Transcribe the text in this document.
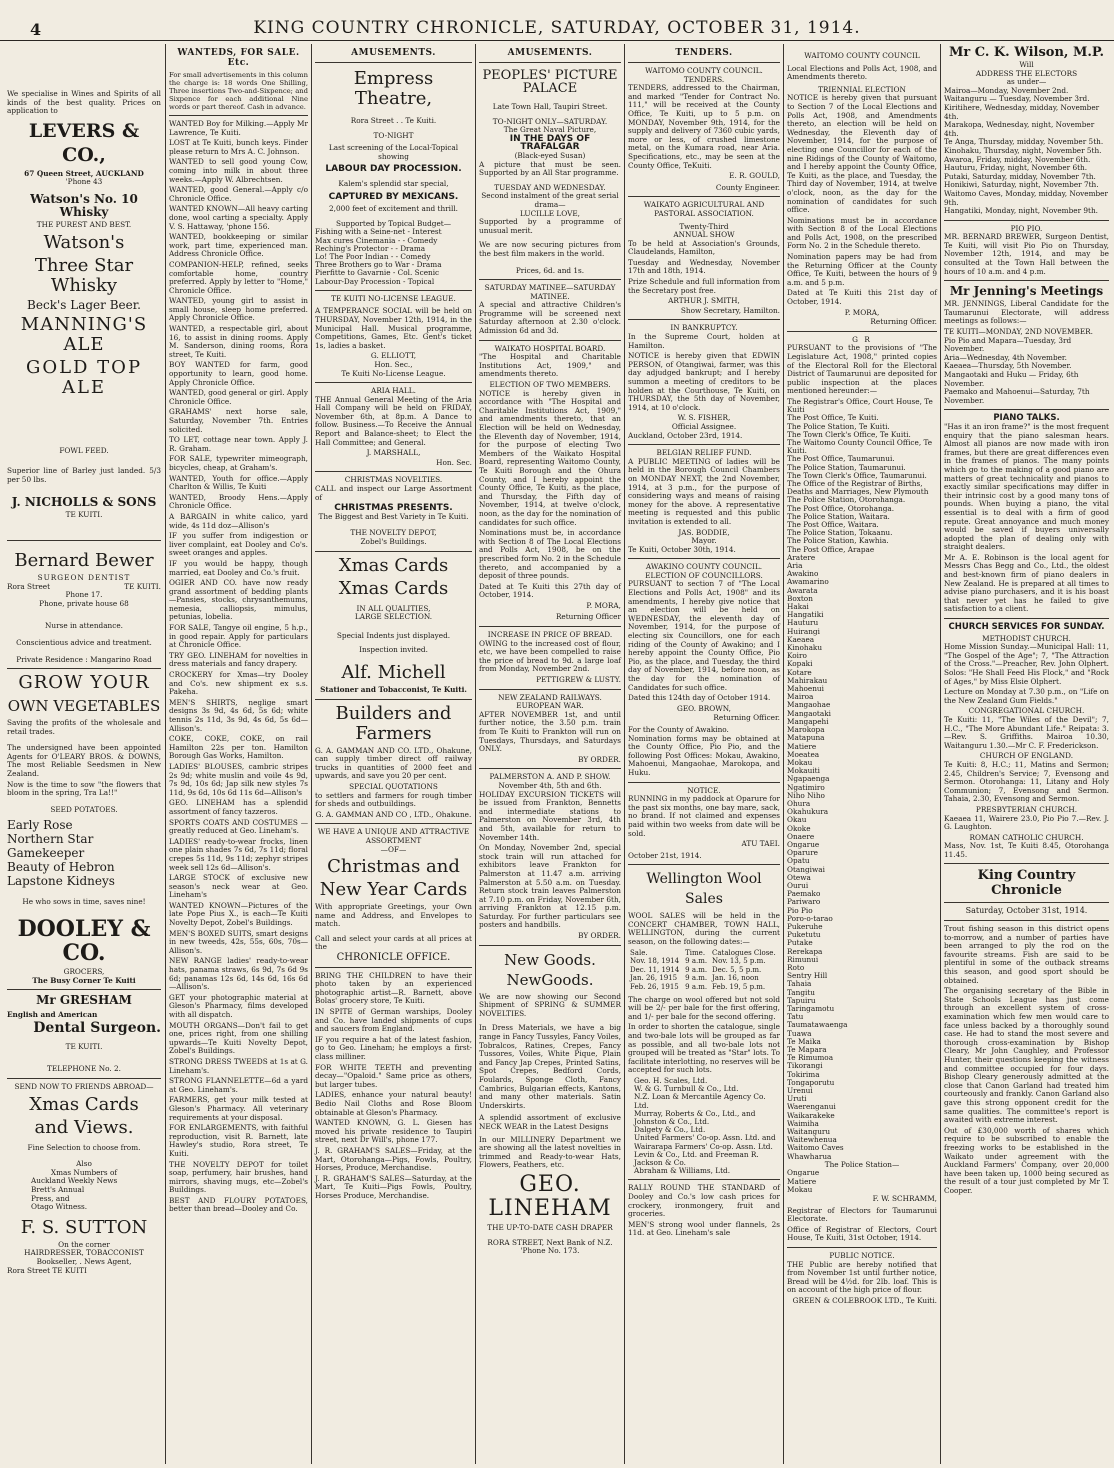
4	KING COUNTRY CHRONICLE, SATURDAY, OCTOBER 31, 1914.

We specialise in Wines and Spirits of all kinds of the best quality. Prices on application to

LEVERS & CO.,
67 Queen Street, AUCKLAND
'Phone 43
Watson's No. 10 Whisky
THE PUREST AND BEST.
Watson's
Three Star Whisky
Beck's Lager Beer.
MANNING'S ALE
GOLD TOP ALE
FOWL FEED.

Superior line of Barley just landed. 5/3 per 50 lbs.

J. NICHOLLS & SONS
TE KUITI.
Bernard Bewer
SURGEON DENTIST
Rora Street	TE KUITI.
Phone 17.
Phone, private house 68
Nurse in attendance.
Conscientious advice and treatment.
Private Residence : Mangarino Road
GROW YOUR
OWN VEGETABLES

Saving the profits of the wholesale and retail trades.

The undersigned have been appointed Agents for O'LEARY BROS. & DOWNS, The most Reliable Seedsmen in New Zealand.

Now is the time to sow "the flowers that bloom in the spring, Tra La!!"

SEED POTATOES.
Early Rose
Northern Star
Gamekeeper
Beauty of Hebron
Lapstone Kidneys
He who sows in time, saves nine!
DOOLEY & CO.
GROCERS,
The Busy Corner Te Kuiti
Mr GRESHAM
English and American
Dental Surgeon.
TE KUITI.
TELEPHONE No. 2.
SEND NOW TO FRIENDS ABROAD—
Xmas Cards
and Views.
Fine Selection to choose from.
Also
Xmas Numbers of
Auckland Weekly News
Brett's Annual
Press, and
Otago Witness.
F. S. SUTTON
On the corner
HAIRDRESSER, TOBACCONIST
Bookseller, . News Agent,
Rora Street TE KUITI
WANTEDS, FOR SALE. Etc.

For small advertisements in this column the charge is: 18 words One Shilling, Three insertions Two-and-Sixpence; and Sixpence for each additional Nine words or part thereof. Cash in advance.

WANTED Boy for Milking.—Apply Mr Lawrence, Te Kuiti.

LOST at Te Kuiti, bunch keys. Finder please return to Mrs A. C. Johnson.

WANTED to sell good young Cow, coming into milk in about three weeks.—Apply W. Albrechtsen.

WANTED, good General.—Apply c/o Chronicle Office.

WANTED KNOWN—All heavy carting done, wool carting a specialty. Apply V. S. Hattaway, 'phone 156.

WANTED, bookkeeping or similar work, part time, experienced man. Address Chronicle Office.

COMPANION-HELP, refined, seeks comfortable home, country preferred. Apply by letter to "Home," Chronicle Office.

WANTED, young girl to assist in small house, sleep home preferred. Apply Chronicle Office.

WANTED, a respectable girl, about 16, to assist in dining rooms. Apply M. Sanderson, dining rooms, Rora street, Te Kuiti.

BOY WANTED for farm, good opportunity to learn, good home. Apply Chronicle Office.

WANTED, good general or girl. Apply Chronicle Office.

GRAHAMS' next horse sale, Saturday, November 7th. Entries solicited.

TO LET, cottage near town. Apply J. R. Graham.

FOR SALE, typewriter mimeograph, bicycles, cheap, at Graham's.

WANTED, Youth for office.—Apply Charlton & Willis, Te Kuiti

WANTED, Broody Hens.—Apply Chronicle Office.

A BARGAIN in white calico, yard wide, 4s 11d doz—Allison's

IF you suffer from indigestion or liver complaint, eat Dooley and Co's. sweet oranges and apples.

IF you would be happy, though married, eat Dooley and Co.'s fruit.

OGIER AND CO. have now ready grand assortment of bedding plants —Pansies, stocks, chrysanthemums, nemesia, calliopsis, mimulus, petunias, lobelia.

FOR SALE, Tangye oil engine, 5 h.p., in good repair. Apply for particulars at Chronicle Office.

TRY GEO. LINEHAM for novelties in dress materials and fancy drapery.

CROCKERY for Xmas—try Dooley and Co's. new shipment ex s.s. Pakeha.

MEN'S SHIRTS, neglige smart designs 3s 9d, 4s 6d, 5s 6d; white tennis 2s 11d, 3s 9d, 4s 6d, 5s 6d—Allison's.

COKE, COKE, COKE, on rail Hamilton 22s per ton. Hamilton Borough Gas Works, Hamilton.

LADIES' BLOUSES, cambric stripes 2s 9d; white muslin and voile 4s 9d, 7s 9d, 10s 6d; Jap silk new styles 7s 11d, 9s 6d, 10s 6d 11s 6d—Allison's

GEO. LINEHAM has a splendid assortment of fancy tazzeros.

SPORTS COATS AND COSTUMES —greatly reduced at Geo. Lineham's.

LADIES' ready-to-wear frocks, linen one plain shades 7s 6d, 7s 11d; floral crepes 5s 11d, 9s 11d; zephyr stripes week sell 12s 6d—Allison's.

LARGE STOCK of exclusive new season's neck wear at Geo. Lineham's

WANTED KNOWN—Pictures of the late Pope Pius X., is each—Te Kuiti Novelty Depot, Zobel's Buildings.

MEN'S BOXED SUITS, smart designs in new tweeds, 42s, 55s, 60s, 70s—Allison's.

NEW RANGE ladies' ready-to-wear hats, panama straws, 6s 9d, 7s 6d 9s 6d; panamas 12s 6d, 14s 6d, 16s 6d—Allison's.

GET your photographic material at Gleson's Pharmacy, films developed with all dispatch.

MOUTH ORGANS—Don't fail to get one, prices right, from one shilling upwards—Te Kuiti Novelty Depot, Zobel's Buildings.

STRONG DRESS TWEEDS at 1s at G. Lineham's.

STRONG FLANNELETTE—6d a yard at Geo. Lineham's.

FARMERS, get your milk tested at Gleson's Pharmacy. All veterinary requirements at your disposal.

FOR ENLARGEMENTS, with faithful reproduction, visit R. Barnett, late Hawley's studio, Rora street, Te Kuiti.

THE NOVELTY DEPOT for toilet soap, perfumery, hair brushes, hand mirrors, shaving mugs, etc—Zobel's Buildings.

BEST AND FLOURY POTATOES, better than bread—Dooley and Co.

AMUSEMENTS.
Empress Theatre,
Rora Street . . Te Kuiti.
TO-NIGHT
Last screening of the Local-Topical showing
LABOUR DAY PROCESSION.
Kalem's splendid star special,
CAPTURED BY MEXICANS.
2,000 feet of excitement and thrill.
Supported by Topical Budget—
Fishing with a Seine-net - Interest
Max cures Cinemania - - Comedy
Reching's Protector - - Drama
Lo! The Poor Indian - - Comedy
Three Brothers go to War - Drama
Pierfitte to Gavarnie - Col. Scenic
Labour-Day Procession - Topical
TE KUITI NO-LICENSE LEAGUE.

A TEMPERANCE SOCIAL will be held on THURSDAY, November 12th, 1914, in the Municipal Hall. Musical programme, Competitions, Games, Etc. Gent's ticket 1s, ladies a basket.

G. ELLIOTT,
Hon. Sec.,
Te Kuiti No-License League.
ARIA HALL.

THE Annual General Meeting of the Aria Hall Company will be held on FRIDAY, November 6th, at 8p.m. A Dance to follow. Business.—To Receive the Annual Report and Balance-sheet; to Elect the Hall Committee; and General.

J. MARSHALL,
Hon. Sec.
CHRISTMAS NOVELTIES.

CALL and inspect our Large Assortment of

CHRISTMAS PRESENTS.
The Biggest and Best Variety in Te Kuiti.
THE NOVELTY DEPOT,
Zobel's Buildings.
Xmas Cards
Xmas Cards
IN ALL QUALITIES,
LARGE SELECTION.
Special Indents just displayed.
Inspection invited.
Alf. Michell
Stationer and Tobacconist, Te Kuiti.
Builders and Farmers

G. A. GAMMAN AND CO. LTD., Ohakune, can supply timber direct off railway trucks in quantities of 2000 feet and upwards, and save you 20 per cent.

SPECIAL QUOTATIONS

to settlers and farmers for rough timber for sheds and outbuildings.

G. A. GAMMAN AND CO , LTD., Ohakune.
WE HAVE A UNIQUE AND ATTRACTIVE ASSORTMENT
—OF—
Christmas and
New Year Cards

With appropriate Greetings, your Own name and Address, and Envelopes to match.

Call and select your cards at all prices at the

CHRONICLE OFFICE.

BRING THE CHILDREN to have their photo taken by an experienced photographic artist—R. Barnett, above Bolas' grocery store, Te Kuiti.

IN SPITE of German warships, Dooley and Co. have landed shipments of cups and saucers from England.

IF you require a hat of the latest fashion, go to Geo. Lineham; he employs a first-class milliner.

FOR WHITE TEETH and preventing decay—"Opaloid." Same price as others, but larger tubes.

LADIES, enhance your natural beauty! Bedio Nail Cloths and Rose Bloom obtainable at Gleson's Pharmacy.

WANTED KNOWN, G. L. Giesen has moved his private residence to Taupiri street, next Dr Will's, phone 177.

J. R. GRAHAM'S SALES—Friday, at the Mart, Otorohanga—Pigs, Fowls, Poultry, Horses, Produce, Merchandise.

J. R. GRAHAM'S SALES—Saturday, at the Mart, Te Kuiti—Pigs Fowls, Poultry, Horses Produce, Merchandise.

AMUSEMENTS.
PEOPLES' PICTURE PALACE
Late Town Hall, Taupiri Street.
TO-NIGHT ONLY—SATURDAY.
The Great Naval Picture,
IN THE DAYS OF TRAFALGAR
(Black-eyed Susan)

A picture that must be seen. Supported by an All Star programme.

TUESDAY AND WEDNESDAY.
Second instalment of the great serial drama—
LUCILLE LOVE,

Supported by a programme of unusual merit.

We are now securing pictures from the best film makers in the world.

Prices, 6d. and 1s.
SATURDAY MATINEE—SATURDAY MATINEE.

A special and attractive Children's Programme will be screened next Saturday afternoon at 2.30 o'clock. Admission 6d and 3d.

WAIKATO HOSPITAL BOARD.

"The Hospital and Charitable Institutions Act, 1909," and amendments thereto.

ELECTION OF TWO MEMBERS.

NOTICE is hereby given in accordance with "The Hospital and Charitable Institutions Act, 1909," and amendments thereto, that an Election will be held on Wednesday, the Eleventh day of November, 1914, for the purpose of electing Two Members of the Waikato Hospital Board, representing Waitomo County, Te Kuiti Borough and the Ohura County, and I hereby appoint the County Office, Te Kuiti, as the place, and Thursday, the Fifth day of November, 1914, at twelve o'clock, noon, as the day for the nomination of candidates for such office.

Nominations must be, in accordance with Section 8 of The Local Elections and Polls Act, 1908, be on the prescribed form No. 2 in the Schedule thereto, and accompanied by a deposit of three pounds.

Dated at Te Kuiti this 27th day of October, 1914.

P. MORA,
Returning Officer
INCREASE IN PRICE OF BREAD.

OWING to the increased cost of flour, etc, we have been compelled to raise the price of bread to 9d. a large loaf from Monday, November 2nd.

PETTIGREW & LUSTY.
NEW ZEALAND RAILWAYS.
EUROPEAN WAR.

AFTER NOVEMBER 1st, and until further notice, the 3.50 p.m. train from Te Kuiti to Frankton will run on Tuesdays, Thursdays, and Saturdays ONLY.

BY ORDER.
PALMERSTON A. AND P. SHOW.
November 4th, 5th and 6th.

HOLIDAY EXCURSION TICKETS will be issued from Frankton, Bennetts and intermediate stations to Palmerston on November 3rd, 4th and 5th, available for return to November 14th.

On Monday, November 2nd, special stock train will run attached for exhibitors leave Frankton for Palmerston at 11.47 a.m. arriving Palmerston at 5.50 a.m. on Tuesday. Return stock train leaves Palmerston at 7.10 p.m. on Friday, November 6th, arriving Frankton at 12.15 p.m. Saturday. For further particulars see posters and handbills.

BY ORDER.
New Goods. NewGoods.

We are now showing our Second Shipment of SPRING & SUMMER NOVELTIES.

In Dress Materials, we have a big range in Fancy Tussyles, Fancy Voiles, Tobralcos, Ratines, Crepes, Fancy Tussores, Voiles, White Pique, Plain and Fancy Jap Crepes, Printed Satins, Spot Crepes, Bedford Cords, Foulards, Sponge Cloth, Fancy Cambrics, Bulgarian effects, Kantons, and many other materials. Satin Underskirts.

A splendid assortment of exclusive NECK WEAR in the Latest Designs

In our MILLINERY Department we are showing all the latest novelties in trimmed and Ready-to-wear Hats, Flowers, Feathers, etc.

GEO. LINEHAM
THE UP-TO-DATE CASH DRAPER
RORA STREET, Next Bank of N.Z.
'Phone No. 173.
TENDERS.
WAITOMO COUNTY COUNCIL.
TENDERS.

TENDERS, addressed to the Chairman, and marked "Tender for Contract No. 111," will be received at the County Office, Te Kuiti, up to 5 p.m. on MONDAY, November 9th, 1914, for the supply and delivery of 7360 cubic yards, more or less, of crushed limestone metal, on the Kumara road, near Aria. Specifications, etc., may be seen at the County Office, TeKuiti.

E. R. GOULD,
County Engineer.
WAIKATO AGRICULTURAL AND PASTORAL ASSOCIATION.
Twenty-Third
ANNUAL SHOW

To be held at Association's Grounds, Claudelands, Hamilton,

Tuesday and Wednesday, November 17th and 18th, 1914.

Prize Schedule and full information from the Secretary post free.

ARTHUR J. SMITH,
Show Secretary, Hamilton.
IN BANKRUPTCY.

In the Supreme Court, holden at Hamilton.

NOTICE is hereby given that EDWIN PERSON, of Otangiwai, farmer, was this day adjudged bankrupt; and I hereby summon a meeting of creditors to be holden at the Courthouse, Te Kuiti, on THURSDAY, the 5th day of November, 1914, at 10 o'clock.

W. S. FISHER,
Official Assignee.
Auckland, October 23rd, 1914.
BELGIAN RELIEF FUND.

A PUBLIC MEETING of ladies will be held in the Borough Council Chambers on MONDAY NEXT, the 2nd November, 1914, at 3 p.m., for the purpose of considering ways and means of raising money for the above. A representative meeting is requested and this public invitation is extended to all.

JAS. BODDIE,
Mayor.
Te Kuiti, October 30th, 1914.
AWAKINO COUNTY COUNCIL.
ELECTION OF COUNCILLORS.

PURSUANT to section 7 of "The Local Elections and Polls Act, 1908" and its amendments, I hereby give notice that an election will be held on WEDNESDAY, the eleventh day of November, 1914, for the purpose of electing six Councillors, one for each riding of the County of Awakino; and I hereby appoint the County Office, Pio Pio, as the place, and Tuesday, the third day of November, 1914, before noon, as the day for the nomination of Candidates for such office.

Dated this 124th day of October 1914.

GEO. BROWN,
Returning Officer.
For the County of Awakino.

Nomination forms may be obtained at the County Office, Pio Pio, and the following Post Offices: Mokau, Awakino, Mahoenui, Mangaohae, Marokopa, and Huku.

NOTICE.

RUNNING in my paddock at Oparure for the past six months, one bay mare, sack, no brand. If not claimed and expenses paid within two weeks from date will be sold.

ATU TAEI.
October 21st, 1914.
Wellington Wool Sales

WOOL SALES will be held in the CONCERT CHAMBER, TOWN HALL, WELLINGTON, during the current season, on the following dates:—

Sale.	Time.	Catalogues Close.
Nov. 18, 1914	9 a.m.	Nov. 13, 5 p.m.
Dec. 11, 1914	9 a.m.	Dec. 5, 5 p.m.
Jan. 26, 1915	9 a.m.	Jan. 16, noon
Feb. 26, 1915	9 a.m.	Feb. 19, 5 p.m.

The charge on wool offered but not sold will be 2/- per bale for the first offering, and 1/- per bale for the second offering.

In order to shorten the catalogue, single and two-bale lots will be grouped as far as possible, and all two-bale lots not grouped will be treated as "Star" lots. To facilitate interlotting, no reserves will be accepted for such lots.

Geo. H. Scales, Ltd.
W. & G. Turnbull & Co., Ltd.
N.Z. Loan & Mercantile Agency Co. Ltd.
Murray, Roberts & Co., Ltd., and Johnston & Co., Ltd.
Dalgety & Co., Ltd.
United Farmers' Co-op. Assn. Ltd. and Wairarapa Farmers' Co-op. Assn. Ltd.
Levin & Co., Ltd. and Freeman R. Jackson & Co.
Abraham & Williams, Ltd.

RALLY ROUND THE STANDARD of Dooley and Co.'s low cash prices for crockery, ironmongery, fruit and groceries.

MEN'S strong wool under flannels, 2s 11d. at Geo. Lineham's sale

WAITOMO COUNTY COUNCIL

Local Elections and Polls Act, 1908, and Amendments thereto.

TRIENNIAL ELECTION

NOTICE is hereby given that pursuant to Section 7 of the Local Elections and Polls Act, 1908, and Amendments thereto, an election will be held on Wednesday, the Eleventh day of November, 1914, for the purpose of electing one Councillor for each of the nine Ridings of the County of Waitomo, and I hereby appoint the County Office, Te Kuiti, as the place, and Tuesday, the Third day of November, 1914, at twelve o'clock, noon, as the day for the nomination of candidates for such office.

Nominations must be in accordance with Section 8 of the Local Elections and Polls Act, 1908, on the prescribed Form No. 2 in the Schedule thereto.

Nomination papers may be had from the Returning Officer at the County Office, Te Kuiti, between the hours of 9 a.m. and 5 p.m.

Dated at Te Kuiti this 21st day of October, 1914.

P. MORA,
Returning Officer.
G R

PURSUANT to the provisions of "The Legislature Act, 1908," printed copies of the Electoral Roll for the Electoral District of Taumarunui are deposited for public inspection at the places mentioned hereunder:—

The Registrar's Office, Court House, Te Kuiti
The Post Office, Te Kuiti.
The Police Station, Te Kuiti.
The Town Clerk's Office, Te Kuiti.
The Waitomo County Council Office, Te Kuiti.
The Post Office, Taumarunui.
The Police Station, Taumarunui.
The Town Clerk's Office, Taumarunui.
The Office of the Registrar of Births, Deaths and Marriages, New Plymouth
The Police Station, Otorohanga.
The Post Office, Otorohanga.
The Police Station, Waitara.
The Post Office, Waitara.
The Police Station, Tokaanu.
The Police Station, Kawhia.
The Post Office, Arapae
Aratere
Aria
Awakino
Awamarino
Awarata
Boxton
Hakai
Hangatiki
Hauturu
Huirangi
Kaeaea
Kinohaku
Koiro
Kopaki
Kotare
Mahirakau
Mahoenui
Mairoa
Mangaohae
Mangaotaki
Mangapehi
Marokopa
Matapuna
Matiere
Moeatea
Mokau
Mokauiti
Ngapaenga
Ngatimiro
Niho Niho
Ohura
Okahukura
Okau
Okoke
Onaere
Ongarue
Oparure
Opatu
Otangiwai
Otewa
Ourui
Paemako
Pariwaro
Pio Pio
Poro-o-tarao
Pukeruhe
Puketutu
Putake
Rerekapa
Rimunui
Roto
Sentry Hill
Tahaia
Tangitu
Tapuiru
Taringamotu
Tatu
Taumatawaenga
Tuawa
Te Maika
Te Mapara
Te Rimumoa
Tikorangi
Tokirima
Tongaporutu
Urenui
Uruti
Waerenganui
Waikarakeke
Waimiha
Waitanguru
Waitewhenua
Waitomo Caves
Whawharua
The Police Station—
Ongarue
Matiere
Mokau
F. W. SCHRAMM,

Registrar of Electors for Taumarunui Electorate.

Office of Registrar of Electors, Court House, Te Kuiti, 31st October, 1914.

PUBLIC NOTICE.

THE Public are hereby notified that from November 1st until further notice, Bread will be 4½d. for 2lb. loaf. This is on account of the high price of flour.

GREEN & COLEBROOK LTD., Te Kuiti.
Mr C. K. Wilson, M.P.
Will
ADDRESS THE ELECTORS
as under—
Mairoa—Monday, November 2nd.
Waitanguru — Tuesday, November 3rd.
Kiritihere, Wednesday, midday, November 4th.
Marakopa, Wednesday, night, November 4th.
Te Anga, Thursday, midday, November 5th.
Kinohaku, Thursday, night, November 5th.
Awaroa, Friday, midday, November 6th.
Hauturu, Friday, night, November 6th.
Putaki, Saturday, midday, November 7th.
Honikiwi, Saturday, night, November 7th.
Waitomo Caves, Monday, midday, November 9th.
Hangatiki, Monday, night, November 9th.
PIO PIO.

MR. BERNARD BREWER, Surgeon Dentist, Te Kuiti, will visit Pio Pio on Thursday, November 12th, 1914, and may be consulted at the Town Hall between the hours of 10 a.m. and 4 p.m.

Mr Jenning's Meetings

MR. JENNINGS, Liberal Candidate for the Taumarunui Electorate, will address meetings as follows:—

TE KUITI—MONDAY, 2ND NOVEMBER.
Pio Pio and Mapara—Tuesday, 3rd November.
Aria—Wednesday, 4th November.
Kaeaea—Thursday, 5th November.
Mangaotaki and Huku — Friday, 6th November.
Paemako and Mahoenui—Saturday, 7th November.
PIANO TALKS.

"Has it an iron frame?" is the most frequent enquiry that the piano salesman hears. Almost all pianos are now made with iron frames, but there are great differences even in the frames of pianos. The many points which go to the making of a good piano are matters of great technicality and pianos to exactly similar specifications may differ in their intrinsic cost by a good many tons of pounds. When buying a piano, the vital essential is to deal with a firm of good repute. Great annoyance and much money would be saved if buyers universally adopted the plan of dealing only with straight dealers.

Mr A. E. Robinson is the local agent for Messrs Chas Begg and Co., Ltd., the oldest and best-known firm of piano dealers in New Zealand. He is prepared at all times to advise piano purchasers, and it is his boast that never yet has he failed to give satisfaction to a client.

CHURCH SERVICES FOR SUNDAY.
METHODIST CHURCH.

Home Mission Sunday.—Municipal Hall: 11, "The Gospel of the Age"; 7, "The Attraction of the Cross."—Preacher, Rev. John Olphert. Solos: "He Shall Feed His Flock," and "Rock of Ages," by Miss Elsie Olphert.

Lecture on Monday at 7.30 p.m., on "Life on the New Zealand Gum Fields."

CONGREGATIONAL CHURCH.

Te Kuiti: 11, "The Wiles of the Devil"; 7, H.C., "The More Abundant Life." Reipata: 3.—Rev. S. Griffiths. Mairoa 10.30, Waitanguru 1.30.—Mr C. F. Frederickson.

CHURCH OF ENGLAND.

Te Kuiti: 8, H.C.; 11, Matins and Sermon; 2.45, Children's Service; 7, Evensong and Sermon. Otorohanga: 11, Litany and Holy Communion; 7, Evensong and Sermon. Tahaia, 2.30, Evensong and Sermon.

PRESBYTERIAN CHURCH.

Kaeaea 11, Wairere 23.0, Pio Pio 7.—Rev. J. G. Laughton.

ROMAN CATHOLIC CHURCH.

Mass, Nov. 1st, Te Kuiti 8.45, Otorohanga 11.45.

King Country Chronicle
Saturday, October 31st, 1914.

Trout fishing season in this district opens to-morrow, and a number of parties have been arranged to ply the rod on the favourite streams. Fish are said to be plentiful in some of the outback streams this season, and good sport should be obtained.

The organising secretary of the Bible in State Schools League has just come through an excellent system of cross-examination which few men would care to face unless backed by a thoroughly sound case. He had to stand the most severe and thorough cross-examination by Bishop Cleary, Mr John Caughley, and Professor Hunter, their questions keeping the witness and committee occupied for four days. Bishop Cleary generously admitted at the close that Canon Garland had treated him courteously and frankly. Canon Garland also gave this strong opponent credit for the same qualities. The committee's report is awaited with extreme interest.

Out of £30,000 worth of shares which require to be subscribed to enable the freezing works to be established in the Waikato under agreement with the Auckland Farmers' Company, over 20,000 have been taken up, 1000 being secured as the result of a tour just completed by Mr T. Cooper.
